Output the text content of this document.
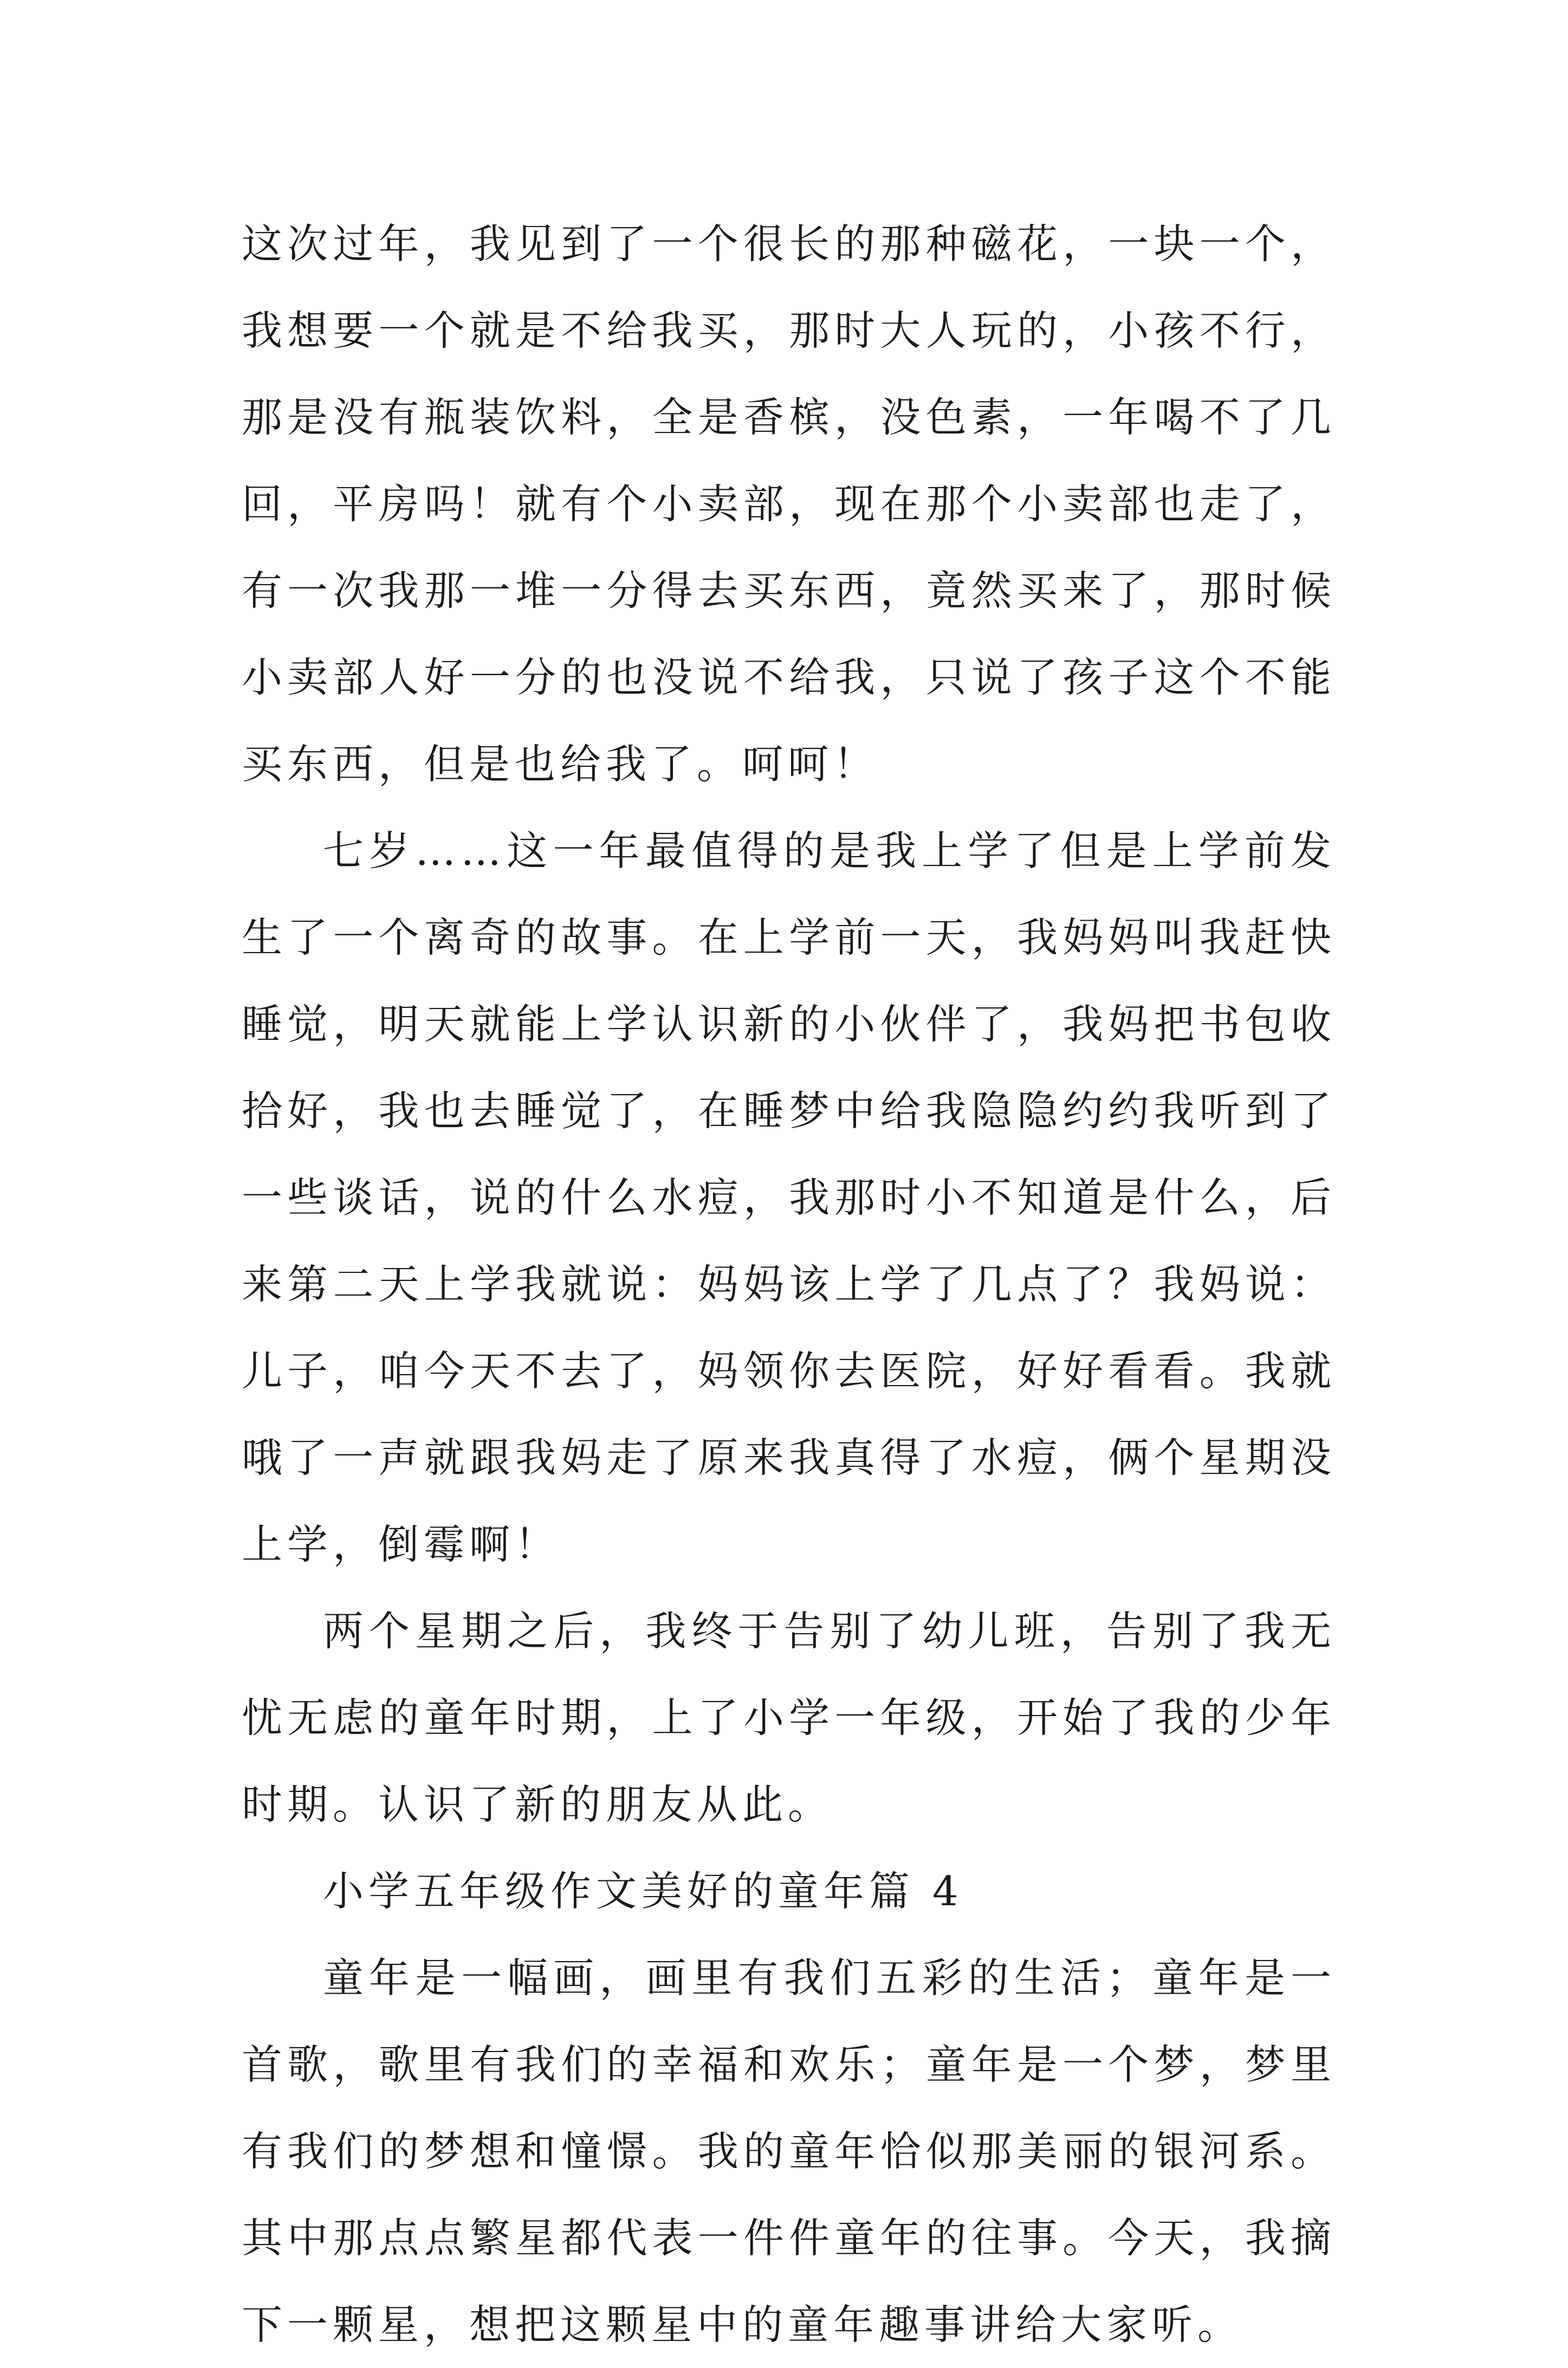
这次过年，我见到了一个很长的那种磁花，一块一个，我想要一个就是不给我买，那时大人玩的，小孩不行，那是没有瓶装饮料，全是香槟，没色素，一年喝不了几回，平房吗！就有个小卖部，现在那个小卖部也走了，有一次我那一堆一分得去买东西，竟然买来了，那时候小卖部人好一分的也没说不给我，只说了孩子这个不能买东西，但是也给我了。呵呵！

七岁……这一年最值得的是我上学了但是上学前发生了一个离奇的故事。在上学前一天，我妈妈叫我赶快睡觉，明天就能上学认识新的小伙伴了，我妈把书包收拾好，我也去睡觉了，在睡梦中给我隐隐约约我听到了一些谈话，说的什么水痘，我那时小不知道是什么，后来第二天上学我就说：妈妈该上学了几点了？我妈说：儿子，咱今天不去了，妈领你去医院，好好看看。我就哦了一声就跟我妈走了原来我真得了水痘，俩个星期没上学，倒霉啊！

两个星期之后，我终于告别了幼儿班，告别了我无忧无虑的童年时期，上了小学一年级，开始了我的少年时期。认识了新的朋友从此。

小学五年级作文美好的童年篇 4

童年是一幅画，画里有我们五彩的生活；童年是一首歌，歌里有我们的幸福和欢乐；童年是一个梦，梦里有我们的梦想和憧憬。我的童年恰似那美丽的银河系。其中那点点繁星都代表一件件童年的往事。今天，我摘下一颗星，想把这颗星中的童年趣事讲给大家听。
